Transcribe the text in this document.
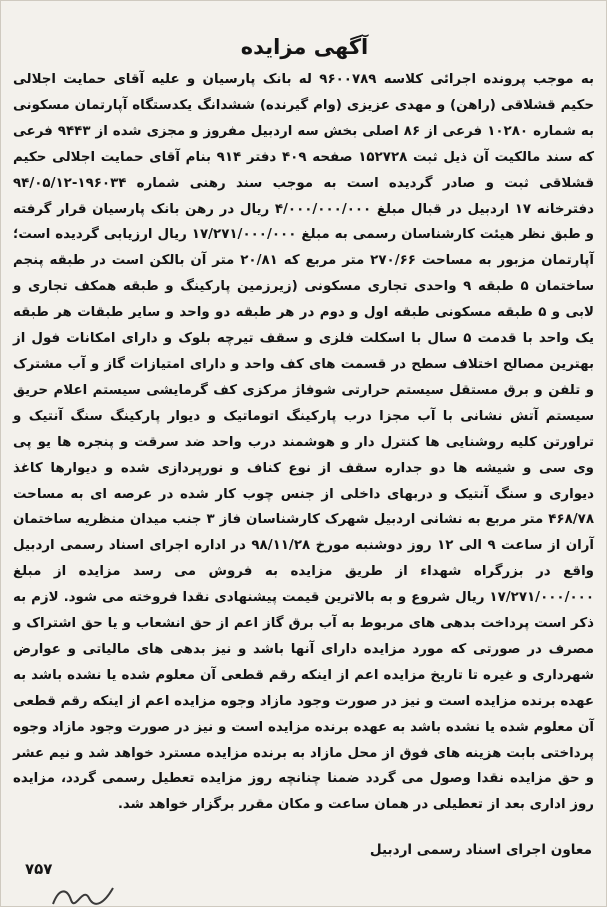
آگهی مزایده

به موجب پرونده اجرائی کلاسه ۹۶۰۰۷۸۹ له بانک پارسیان و علیه آقای حمایت اجلالی حکیم قشلاقی (راهن) و مهدی عزیزی (وام گیرنده) ششدانگ یکدستگاه آپارتمان مسکونی به شماره ۱۰۲۸۰ فرعی از ۸۶ اصلی بخش سه اردبیل مفروز و مجزی شده از ۹۴۴۳ فرعی که سند مالکیت آن ذیل ثبت ۱۵۲۷۲۸ صفحه ۴۰۹ دفتر ۹۱۴ بنام آقای حمایت اجلالی حکیم قشلاقی ثبت و صادر گردیده است به موجب سند رهنی شماره ۱۹۶۰۳۴-۹۴/۰۵/۱۲ دفترخانه ۱۷ اردبیل در قبال مبلغ ۴/۰۰۰/۰۰۰/۰۰۰ ریال در رهن بانک پارسیان قرار گرفته و طبق نظر هیئت کارشناسان رسمی به مبلغ ۱۷/۲۷۱/۰۰۰/۰۰۰ ریال ارزیابی گردیده است؛ آپارتمان مزبور به مساحت ۲۷۰/۶۶ متر مربع که ۲۰/۸۱ متر آن بالکن است در طبقه پنجم ساختمان ۵ طبقه ۹ واحدی تجاری مسکونی (زیرزمین پارکینگ و طبقه همکف تجاری و لابی و ۵ طبقه مسکونی طبقه اول و دوم در هر طبقه دو واحد و سایر طبقات هر طبقه یک واحد با قدمت ۵ سال با اسکلت فلزی و سقف تیرچه بلوک و دارای امکانات فول از بهترین مصالح اختلاف سطح در قسمت های کف واحد و دارای امتیازات گاز و آب مشترک و تلفن و برق مستقل سیستم حرارتی شوفاژ مرکزی کف گرمایشی سیستم اعلام حریق سیستم آتش نشانی با آب مجزا درب پارکینگ اتوماتیک و دیوار پارکینگ سنگ آنتیک و تراورتن کلیه روشنایی ها کنترل دار و هوشمند درب واحد ضد سرقت و پنجره ها یو پی وی سی و شیشه ها دو جداره سقف از نوع کناف و نورپردازی شده و دیوارها کاغذ دیواری و سنگ آنتیک و دربهای داخلی از جنس چوب کار شده در عرصه ای به مساحت ۴۶۸/۷۸ متر مربع به نشانی اردبیل شهرک کارشناسان فاز ۳ جنب میدان منظریه ساختمان آران از ساعت ۹ الی ۱۲ روز دوشنبه مورخ ۹۸/۱۱/۲۸ در اداره اجرای اسناد رسمی اردبیل واقع در بزرگراه شهداء از طریق مزایده به فروش می رسد مزایده از مبلغ ۱۷/۲۷۱/۰۰۰/۰۰۰ ریال شروع و به بالاترین قیمت پیشنهادی نقدا فروخته می شود. لازم به ذکر است پرداخت بدهی های مربوط به آب برق گاز اعم از حق انشعاب و یا حق اشتراک و مصرف در صورتی که مورد مزایده دارای آنها باشد و نیز بدهی های مالیاتی و عوارض شهرداری و غیره تا تاریخ مزایده اعم از اینکه رقم قطعی آن معلوم شده یا نشده باشد به عهده برنده مزایده است و نیز در صورت وجود مازاد وجوه مزایده اعم از اینکه رقم قطعی آن معلوم شده یا نشده باشد به عهده برنده مزایده است و نیز در صورت وجود مازاد وجوه پرداختی بابت هزینه های فوق از محل مازاد به برنده مزایده مسترد خواهد شد و نیم عشر و حق مزایده نقدا وصول می گردد ضمنا چنانچه روز مزایده تعطیل رسمی گردد، مزایده روز اداری بعد از تعطیلی در همان ساعت و مکان مقرر برگزار خواهد شد.

معاون اجرای اسناد رسمی اردبیل
۷۵۷
